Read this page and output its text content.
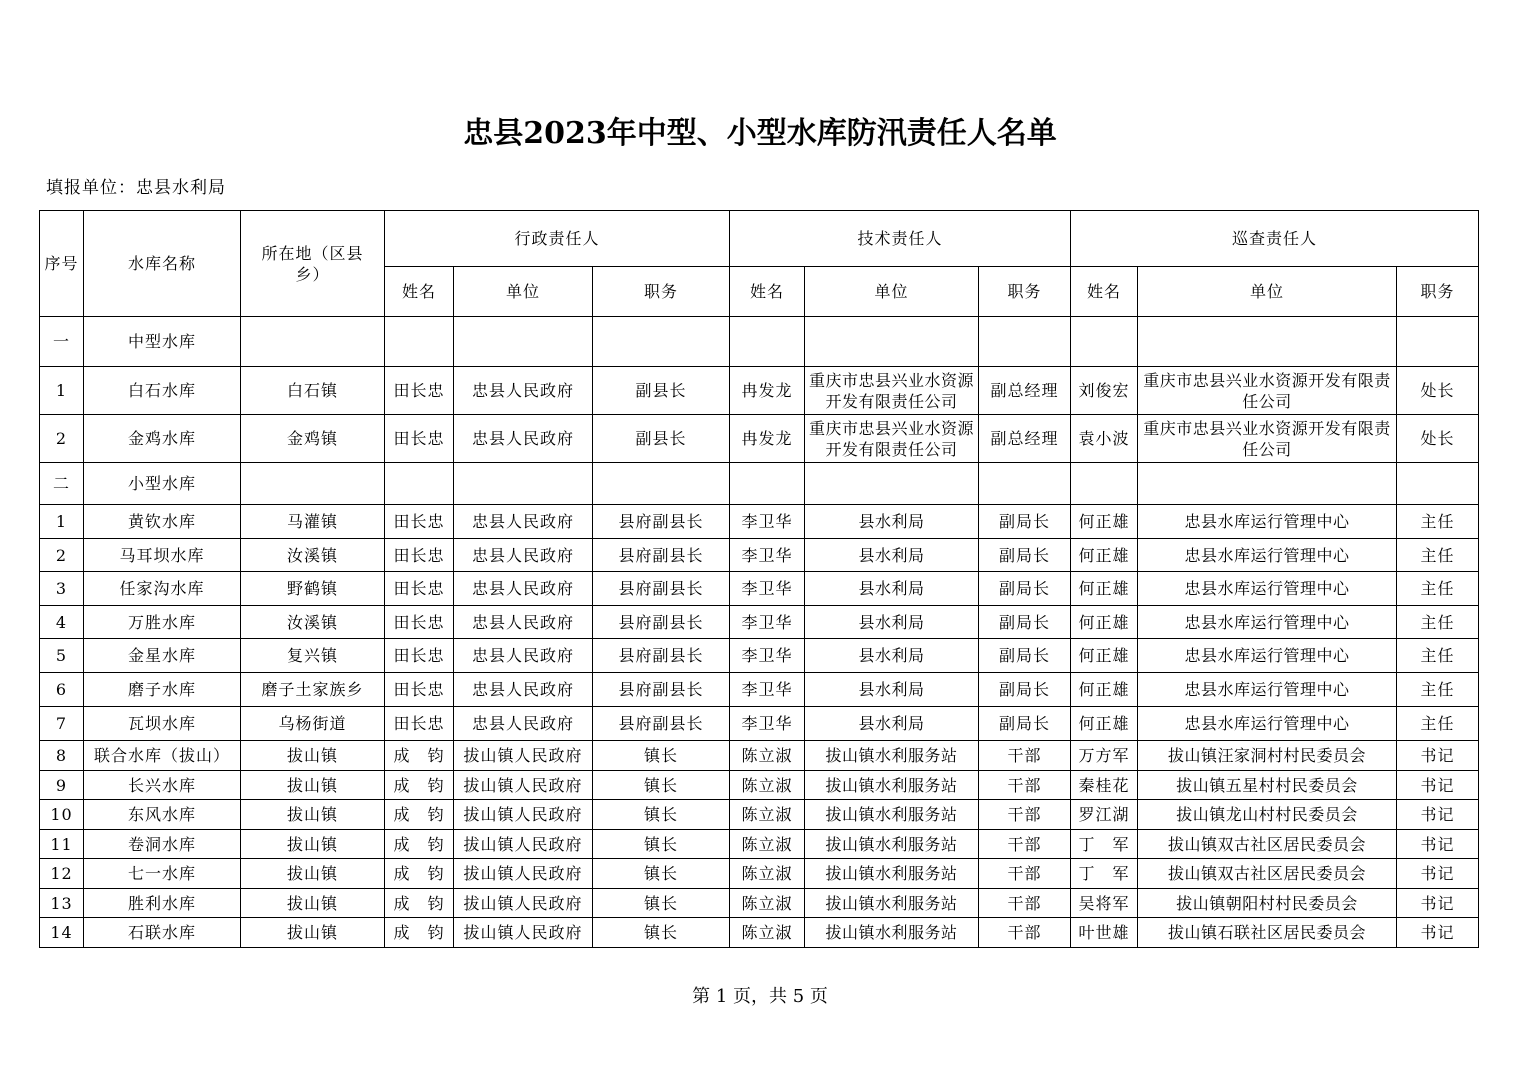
忠县2023年中型、小型水库防汛责任人名单
填报单位：忠县水利局
序号	水库名称	所在地（区县乡）	行政责任人			技术责任人			巡查责任人		
			姓名	单位	职务	姓名	单位	职务	姓名	单位	职务
一	中型水库										
1	白石水库	白石镇	田长忠	忠县人民政府	副县长	冉发龙	重庆市忠县兴业水资源开发有限责任公司	副总经理	刘俊宏	重庆市忠县兴业水资源开发有限责任公司	处长
2	金鸡水库	金鸡镇	田长忠	忠县人民政府	副县长	冉发龙	重庆市忠县兴业水资源开发有限责任公司	副总经理	袁小波	重庆市忠县兴业水资源开发有限责任公司	处长
二	小型水库										
1	黄钦水库	马灌镇	田长忠	忠县人民政府	县府副县长	李卫华	县水利局	副局长	何正雄	忠县水库运行管理中心	主任
2	马耳坝水库	汝溪镇	田长忠	忠县人民政府	县府副县长	李卫华	县水利局	副局长	何正雄	忠县水库运行管理中心	主任
3	任家沟水库	野鹤镇	田长忠	忠县人民政府	县府副县长	李卫华	县水利局	副局长	何正雄	忠县水库运行管理中心	主任
4	万胜水库	汝溪镇	田长忠	忠县人民政府	县府副县长	李卫华	县水利局	副局长	何正雄	忠县水库运行管理中心	主任
5	金星水库	复兴镇	田长忠	忠县人民政府	县府副县长	李卫华	县水利局	副局长	何正雄	忠县水库运行管理中心	主任
6	磨子水库	磨子土家族乡	田长忠	忠县人民政府	县府副县长	李卫华	县水利局	副局长	何正雄	忠县水库运行管理中心	主任
7	瓦坝水库	乌杨街道	田长忠	忠县人民政府	县府副县长	李卫华	县水利局	副局长	何正雄	忠县水库运行管理中心	主任
8	联合水库（拔山）	拔山镇	成　钧	拔山镇人民政府	镇长	陈立淑	拔山镇水利服务站	干部	万方军	拔山镇汪家洞村村民委员会	书记
9	长兴水库	拔山镇	成　钧	拔山镇人民政府	镇长	陈立淑	拔山镇水利服务站	干部	秦桂花	拔山镇五星村村民委员会	书记
10	东风水库	拔山镇	成　钧	拔山镇人民政府	镇长	陈立淑	拔山镇水利服务站	干部	罗江湖	拔山镇龙山村村民委员会	书记
11	卷洞水库	拔山镇	成　钧	拔山镇人民政府	镇长	陈立淑	拔山镇水利服务站	干部	丁　军	拔山镇双古社区居民委员会	书记
12	七一水库	拔山镇	成　钧	拔山镇人民政府	镇长	陈立淑	拔山镇水利服务站	干部	丁　军	拔山镇双古社区居民委员会	书记
13	胜利水库	拔山镇	成　钧	拔山镇人民政府	镇长	陈立淑	拔山镇水利服务站	干部	吴将军	拔山镇朝阳村村民委员会	书记
14	石联水库	拔山镇	成　钧	拔山镇人民政府	镇长	陈立淑	拔山镇水利服务站	干部	叶世雄	拔山镇石联社区居民委员会	书记
第 1 页，共 5 页
